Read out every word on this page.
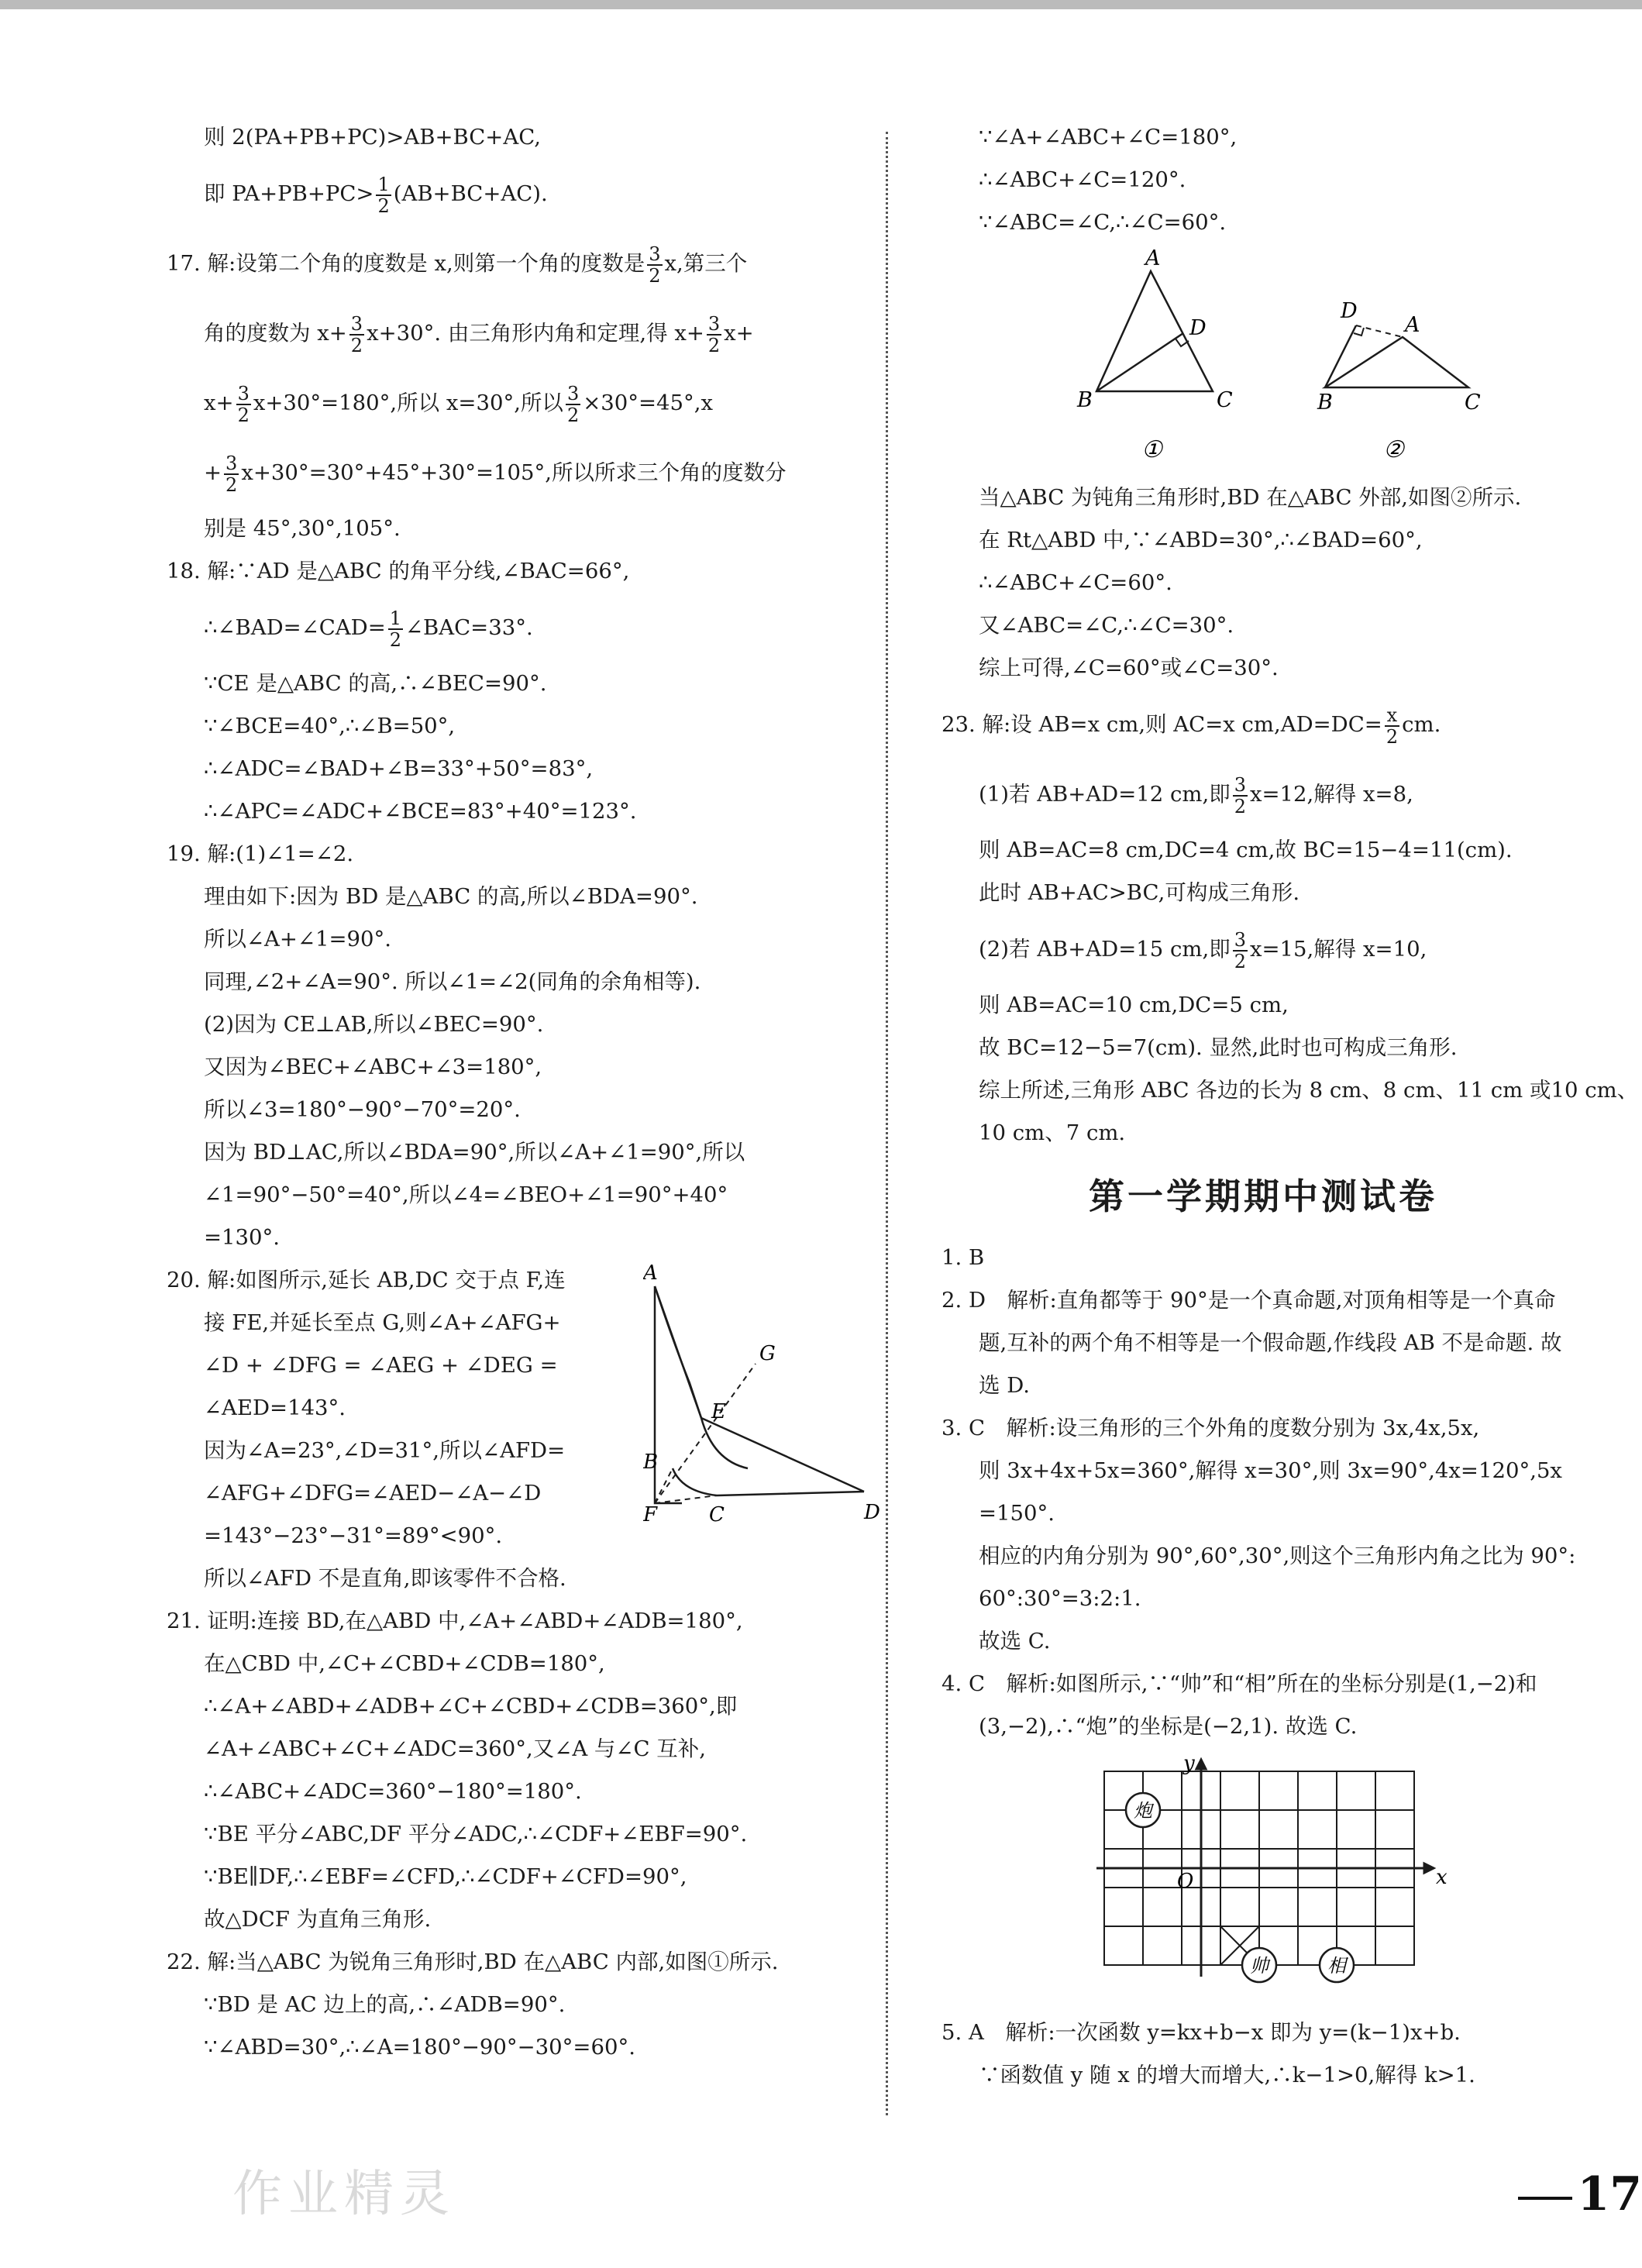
则 2(PA+PB+PC)>AB+BC+AC,

即 $PA+PB+PC> \frac{1}{2} (AB+BC+AC)$.

17. 解:设第二个角的度数是 x,则第一个角的度数是 $\frac{3}{2} x$,第三个

角的度数为 $x+ \frac{3}{2} x+30^\circ$. 由三角形内角和定理,得 $x+ \frac{3}{2} x+$

$x+ \frac{3}{2} x+30^\circ=180^\circ$,所以 x=30°,所以 $\frac{3}{2} \times 30^\circ=45^\circ,x$

+ $\frac{3}{2} x+30^\circ=30^\circ+45^\circ+30^\circ=105^\circ$,所以所求三个角的度数分

别是 45°,30°,105°.

18. 解:∵AD 是△ABC 的角平分线,∠BAC=66°,

∴∠BAD=∠CAD= $\frac{1}{2}$ ∠BAC=33°.

∵CE 是△ABC 的高,∴∠BEC=90°.

∵∠BCE=40°,∴∠B=50°,

∴∠ADC=∠BAD+∠B=33°+50°=83°,

∴∠APC=∠ADC+∠BCE=83°+40°=123°.

19. 解:(1)∠1=∠2.

理由如下:因为 BD 是△ABC 的高,所以∠BDA=90°.

所以∠A+∠1=90°.

同理,∠2+∠A=90°. 所以∠1=∠2(同角的余角相等).

(2)因为 CE⊥AB,所以∠BEC=90°.

又因为∠BEC+∠ABC+∠3=180°,

所以∠3=180°−90°−70°=20°.

因为 BD⊥AC,所以∠BDA=90°,所以∠A+∠1=90°,所以

∠1=90°−50°=40°,所以∠4=∠BEO+∠1=90°+40°

=130°.

20. 解:如图所示,延长 AB,DC 交于点 F,连

接 FE,并延长至点 G,则∠A+∠AFG+

∠D + ∠DFG = ∠AEG + ∠DEG =

∠AED=143°.

因为∠A=23°,∠D=31°,所以∠AFD=

∠AFG+∠DFG=∠AED−∠A−∠D

=143°−23°−31°=89°<90°.

所以∠AFD 不是直角,即该零件不合格.

A
B
C	D
E
F
G

21. 证明:连接 BD,在△ABD 中,∠A+∠ABD+∠ADB=180°,

在△CBD 中,∠C+∠CBD+∠CDB=180°,

∴∠A+∠ABD+∠ADB+∠C+∠CBD+∠CDB=360°,即

∠A+∠ABC+∠C+∠ADC=360°,又∠A 与∠C 互补,

∴∠ABC+∠ADC=360°−180°=180°.

∵BE 平分∠ABC,DF 平分∠ADC,∴∠CDF+∠EBF=90°.

∵BE∥DF,∴∠EBF=∠CFD,∴∠CDF+∠CFD=90°,

故△DCF 为直角三角形.

22. 解:当△ABC 为锐角三角形时,BD 在△ABC 内部,如图①所示.

∵BD 是 AC 边上的高,∴∠ADB=90°.

∵∠ABD=30°,∴∠A=180°−90°−30°=60°.

∵∠A+∠ABC+∠C=180°,

∴∠ABC+∠C=120°.

∵∠ABC=∠C,∴∠C=60°.

A
D
B	C
①
D
A
B	C
②

当△ABC 为钝角三角形时,BD 在△ABC 外部,如图②所示.

在 Rt△ABD 中,∵∠ABD=30°,∴∠BAD=60°,

∴∠ABC+∠C=60°.

又∠ABC=∠C,∴∠C=30°.

综上可得,∠C=60°或∠C=30°.

23. 解:设 AB=x cm,则 AC=x $cm,AD=DC= \frac{x}{2}$ cm.

(1)若 AB+AD=12 cm,即 $\frac{3}{2} x=12$,解得 x=8,

则 AB=AC=8 cm,DC=4 cm,故 BC=15−4=11(cm).

此时 AB+AC>BC,可构成三角形.

(2)若 AB+AD=15 cm,即 $\frac{3}{2} x=15$,解得 x=10,

则 AB=AC=10 cm,DC=5 cm,

故 BC=12−5=7(cm). 显然,此时也可构成三角形.

综上所述,三角形 ABC 各边的长为 8 cm、8 cm、11 cm 或10 cm、

10 cm、7 cm.

第一学期期中测试卷

1. B

2. D　解析:直角都等于 90°是一个真命题,对顶角相等是一个真命

题,互补的两个角不相等是一个假命题,作线段 AB 不是命题. 故

选 D.

3. C　解析:设三角形的三个外角的度数分别为 3x,4x,5x,

则 3x+4x+5x=360°,解得 x=30°,则 3x=90°,4x=120°,5x

=150°.

相应的内角分别为 90°,60°,30°,则这个三角形内角之比为 90°:

60°:30°=3:2:1.

故选 C.

4. C　解析:如图所示,∵“帅”和“相”所在的坐标分别是(1,−2)和

(3,−2),∴“炮”的坐标是(−2,1). 故选 C.

炮
帅	相
x
y
O

5. A　解析:一次函数 y=kx+b−x 即为 y=(k−1)x+b.

∵函数值 y 随 x 的增大而增大,∴k−1>0,解得 k>1.

作业精灵	17
